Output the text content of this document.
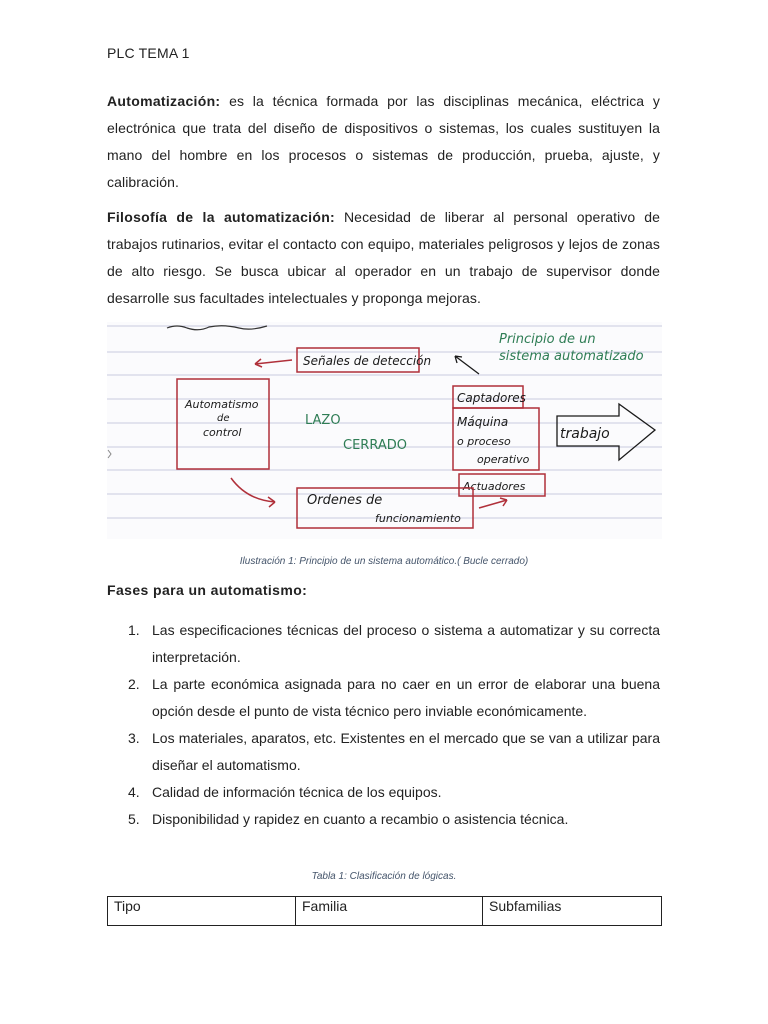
PLC TEMA 1
Automatización: es la técnica formada por las disciplinas mecánica, eléctrica y electrónica que trata del diseño de dispositivos o sistemas, los cuales sustituyen la mano del hombre en los procesos o sistemas de producción, prueba, ajuste, y calibración.
Filosofía de la automatización: Necesidad de liberar al personal operativo de trabajos rutinarios, evitar el contacto con equipo, materiales peligrosos y lejos de zonas de alto riesgo. Se busca ubicar al operador en un trabajo de supervisor donde desarrolle sus facultades intelectuales y proponga mejoras.
Principio de un
sistema automatizado
Señales de detección
Automatismo
de
control
LAZO
CERRADO
Captadores
Máquina
o proceso
operativo
Actuadores
trabajo
Ordenes de
funcionamiento
Ilustración 1: Principio de un sistema automático.( Bucle cerrado)
Fases para un automatismo:
1. Las especificaciones técnicas del proceso o sistema a automatizar y su correcta interpretación.
2. La parte económica asignada para no caer en un error de elaborar una buena opción desde el punto de vista técnico pero inviable económicamente.
3. Los materiales, aparatos, etc. Existentes en el mercado que se van a utilizar para diseñar el automatismo.
4. Calidad de información técnica de los equipos.
5. Disponibilidad y rapidez en cuanto a recambio o asistencia técnica.
Tabla 1: Clasificación de lógicas.
Tipo	Familia	Subfamilias
